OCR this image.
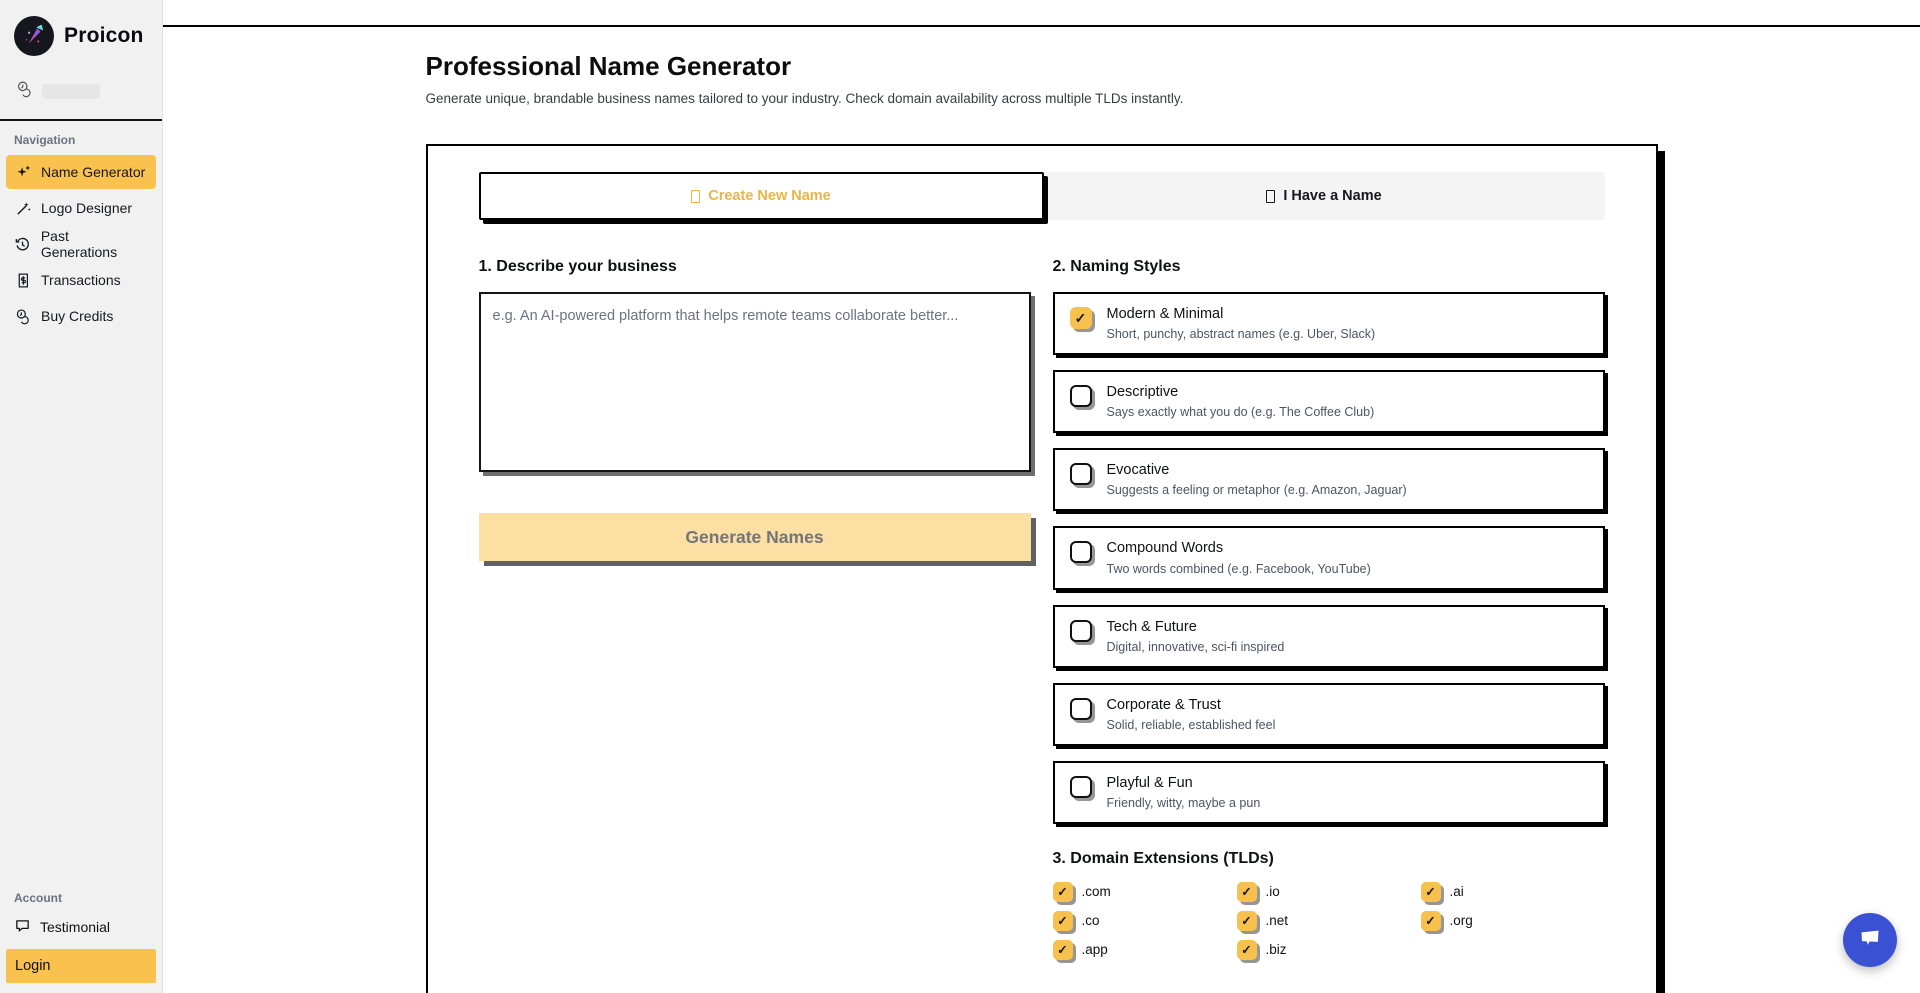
Proicon
Navigation
Name Generator
Logo Designer
Past Generations
Transactions
Buy Credits
Account
Testimonial
Login
Professional Name Generator
Generate unique, brandable business names tailored to your industry. Check domain availability across multiple TLDs instantly.
Create New Name	I Have a Name
1. Describe your business
e.g. An AI-powered platform that helps remote teams collaborate better... Generate Names
2. Naming Styles
✓	Modern & Minimal
Short, punchy, abstract names (e.g. Uber, Slack)
Descriptive
Says exactly what you do (e.g. The Coffee Club)
Evocative
Suggests a feeling or metaphor (e.g. Amazon, Jaguar)
Compound Words
Two words combined (e.g. Facebook, YouTube)
Tech & Future
Digital, innovative, sci-fi inspired
Corporate & Trust
Solid, reliable, established feel
Playful & Fun
Friendly, witty, maybe a pun
3. Domain Extensions (TLDs)
✓	.com	✓	.io	✓	.ai
✓	.co	✓	.net	✓	.org
✓	.app	✓	.biz
